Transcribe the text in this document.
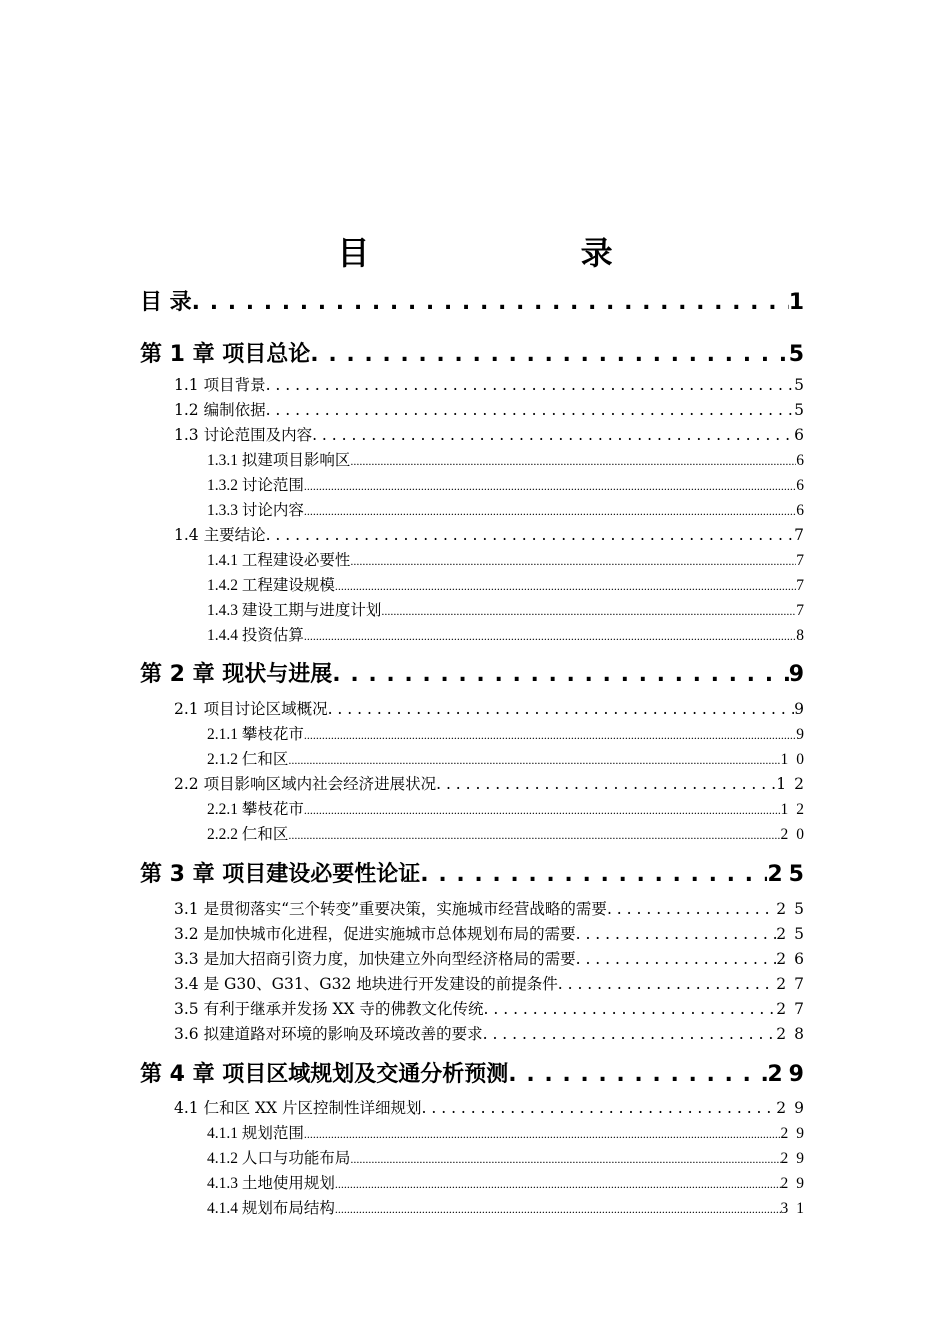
目 录
目 录 . . .	1
第 1 章 项目总论 . . .	5
1.1 项目背景 . . .	5
1.2 编制依据 . . .	5
1.3 讨论范围及内容 . . .	6
1.3.1 拟建项目影响区 .....	6
1.3.2 讨论范围 .....	6
1.3.3 讨论内容 .....	6
1.4 主要结论 . . .	7
1.4.1 工程建设必要性 .....	7
1.4.2 工程建设规模 .....	7
1.4.3 建设工期与进度计划 .....	7
1.4.4 投资估算 .....	8
第 2 章 现状与进展 . . .	9
2.1 项目讨论区域概况 . . .	9
2.1.1 攀枝花市 .....	9
2.1.2 仁和区 .....	10
2.2 项目影响区域内社会经济进展状况 . . .	12
2.2.1 攀枝花市 .....	12
2.2.2 仁和区 .....	20
第 3 章 项目建设必要性论证 . . .	25
3.1 是贯彻落实“三个转变”重要决策，实施城市经营战略的需要 . . .	25
3.2 是加快城市化进程，促进实施城市总体规划布局的需要 . . .	25
3.3 是加大招商引资力度，加快建立外向型经济格局的需要 . . .	26
3.4 是 G30、G31、G32 地块进行开发建设的前提条件 . . .	27
3.5 有利于继承并发扬 XX 寺的佛教文化传统 . . .	27
3.6 拟建道路对环境的影响及环境改善的要求 . . .	28
第 4 章 项目区域规划及交通分析预测 . . .	29
4.1 仁和区 XX 片区控制性详细规划 . . .	29
4.1.1 规划范围 .....	29
4.1.2 人口与功能布局 .....	29
4.1.3 土地使用规划 .....	29
4.1.4 规划布局结构 .....	31
